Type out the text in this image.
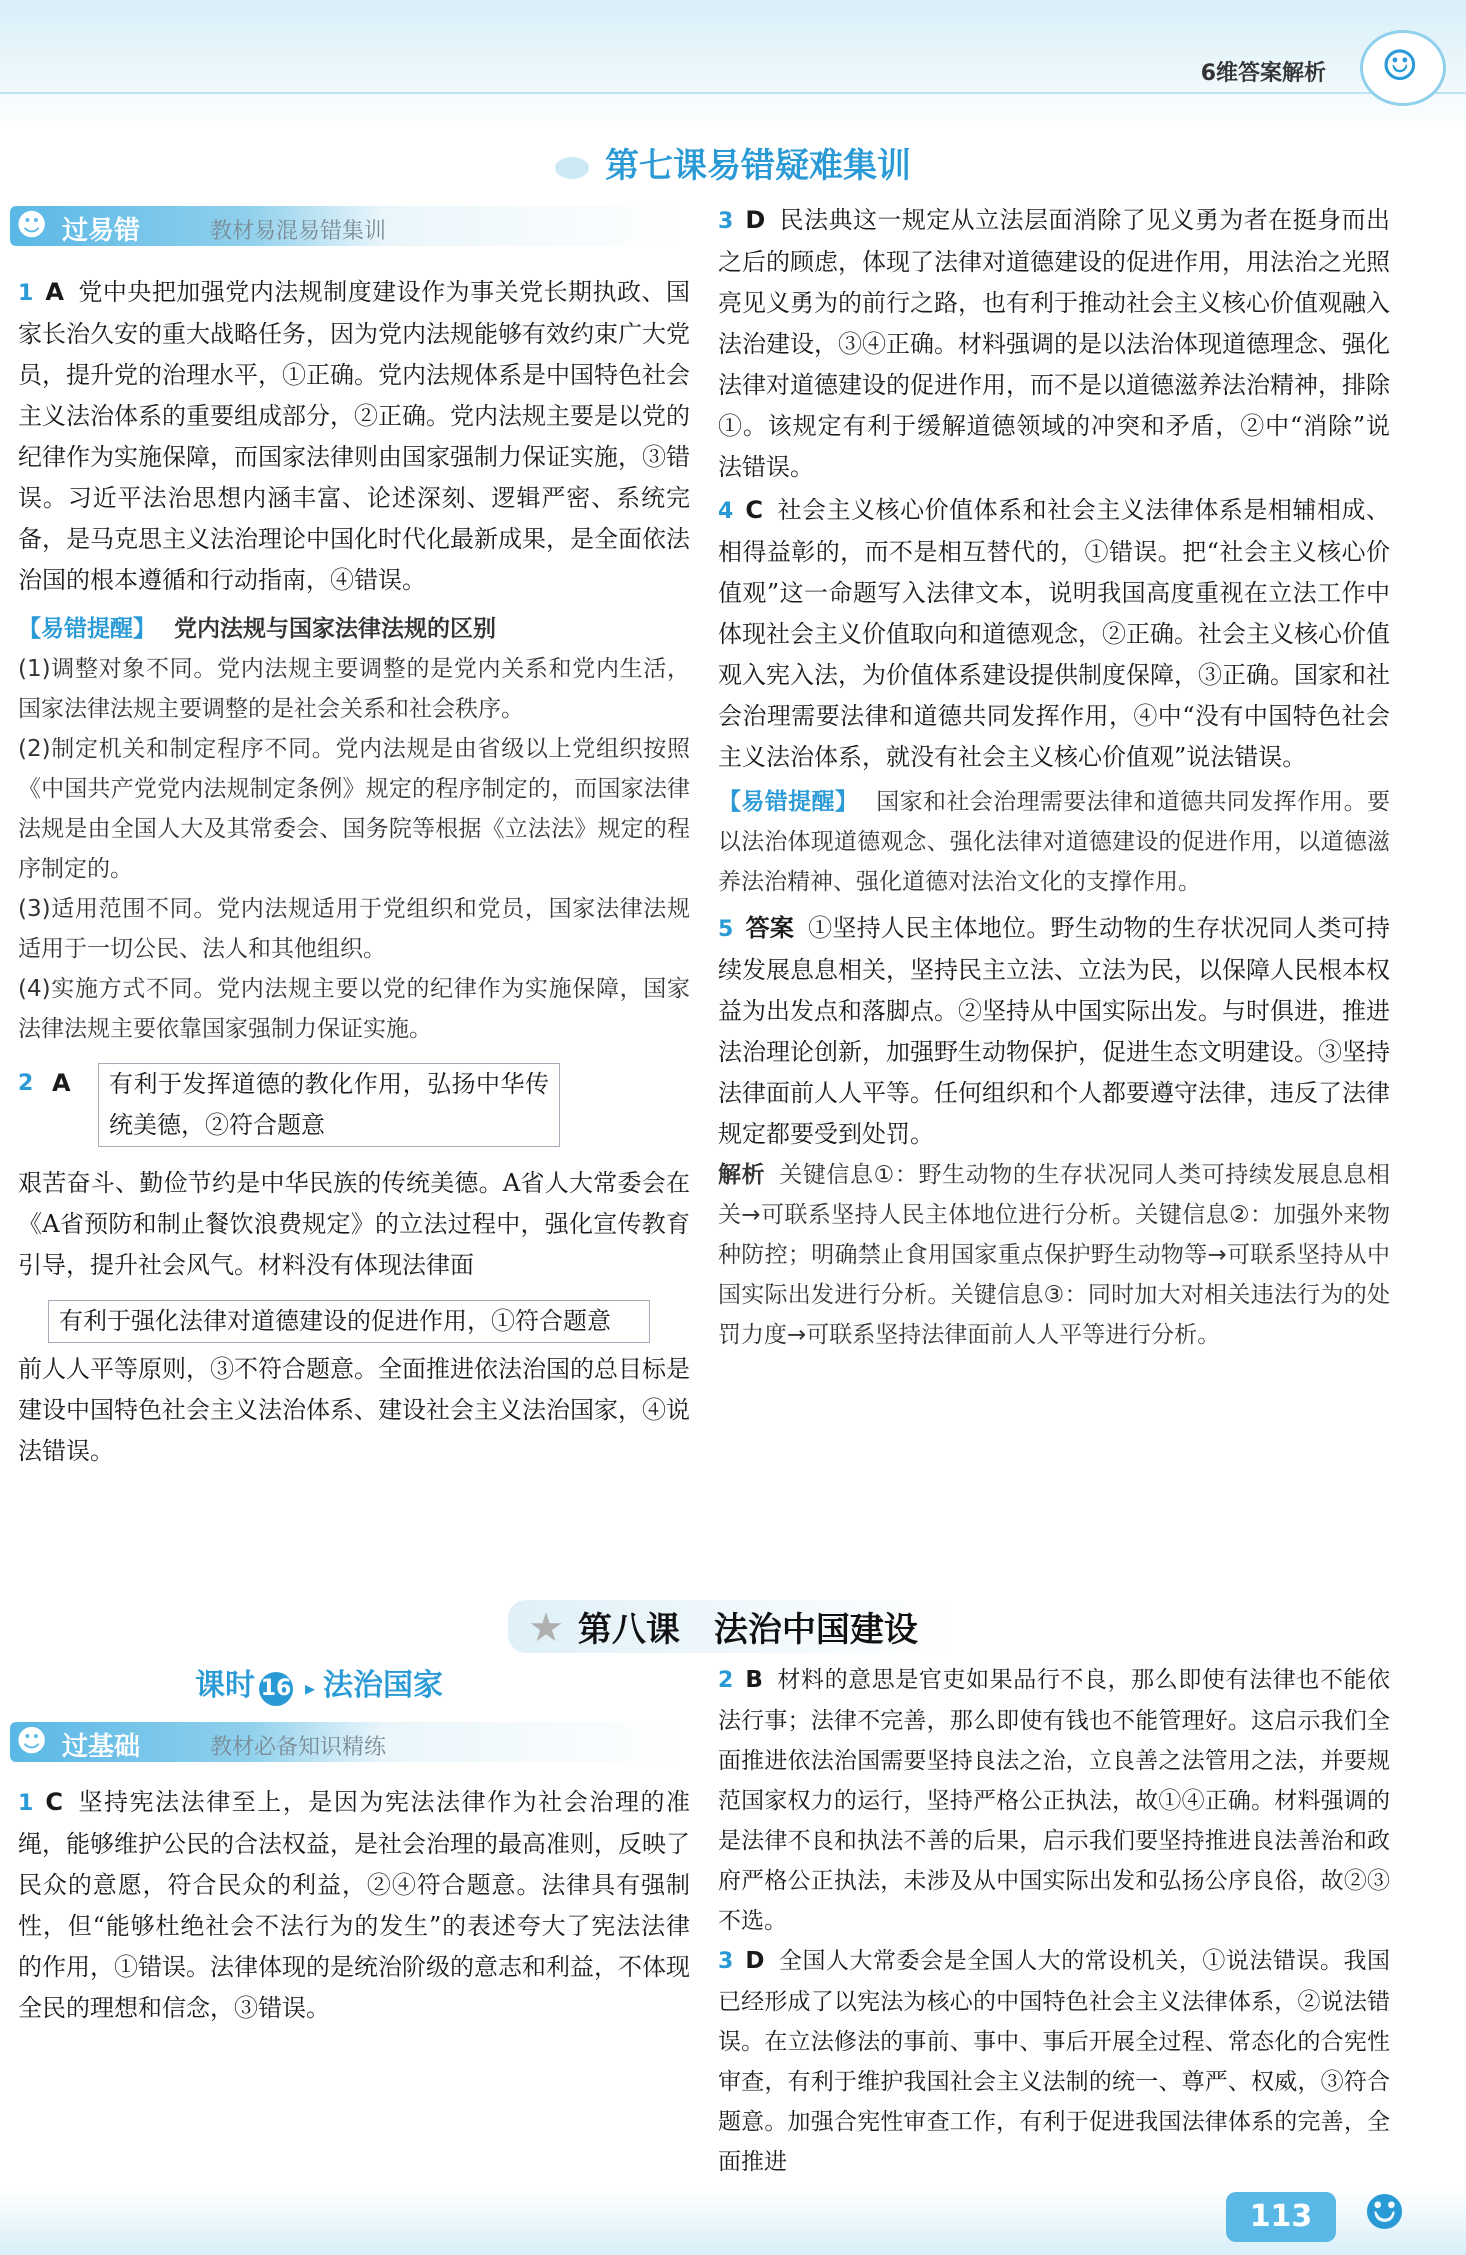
6维答案解析
☺
第七课易错疑难集训
☻ 过易错	教材易混易错集训

1 A 党中央把加强党内法规制度建设作为事关党长期执政、国家长治久安的重大战略任务，因为党内法规能够有效约束广大党员，提升党的治理水平，①正确。党内法规体系是中国特色社会主义法治体系的重要组成部分，②正确。党内法规主要是以党的纪律作为实施保障，而国家法律则由国家强制力保证实施，③错误。习近平法治思想内涵丰富、论述深刻、逻辑严密、系统完备，是马克思主义法治理论中国化时代化最新成果，是全面依法治国的根本遵循和行动指南，④错误。

【易错提醒】 党内法规与国家法律法规的区别

(1)调整对象不同。党内法规主要调整的是党内关系和党内生活，国家法律法规主要调整的是社会关系和社会秩序。

(2)制定机关和制定程序不同。党内法规是由省级以上党组织按照《中国共产党党内法规制定条例》规定的程序制定的，而国家法律法规是由全国人大及其常委会、国务院等根据《立法法》规定的程序制定的。

(3)适用范围不同。党内法规适用于党组织和党员，国家法律法规适用于一切公民、法人和其他组织。

(4)实施方式不同。党内法规主要以党的纪律作为实施保障，国家法律法规主要依靠国家强制力保证实施。

2 A	有利于发挥道德的教化作用，弘扬中华传统美德，②符合题意

艰苦奋斗、勤俭节约是中华民族的传统美德。A省人大常委会在《A省预防和制止餐饮浪费规定》的立法过程中，强化宣传教育引导，提升社会风气。材料没有体现法律面

有利于强化法律对道德建设的促进作用，①符合题意

前人人平等原则，③不符合题意。全面推进依法治国的总目标是建设中国特色社会主义法治体系、建设社会主义法治国家，④说法错误。

3 D 民法典这一规定从立法层面消除了见义勇为者在挺身而出之后的顾虑，体现了法律对道德建设的促进作用，用法治之光照亮见义勇为的前行之路，也有利于推动社会主义核心价值观融入法治建设，③④正确。材料强调的是以法治体现道德理念、强化法律对道德建设的促进作用，而不是以道德滋养法治精神，排除①。该规定有利于缓解道德领域的冲突和矛盾，②中“消除”说法错误。

4 C 社会主义核心价值体系和社会主义法律体系是相辅相成、相得益彰的，而不是相互替代的，①错误。把“社会主义核心价值观”这一命题写入法律文本，说明我国高度重视在立法工作中体现社会主义价值取向和道德观念，②正确。社会主义核心价值观入宪入法，为价值体系建设提供制度保障，③正确。国家和社会治理需要法律和道德共同发挥作用，④中“没有中国特色社会主义法治体系，就没有社会主义核心价值观”说法错误。

【易错提醒】 国家和社会治理需要法律和道德共同发挥作用。要以法治体现道德观念、强化法律对道德建设的促进作用，以道德滋养法治精神、强化道德对法治文化的支撑作用。

5 答案 ①坚持人民主体地位。野生动物的生存状况同人类可持续发展息息相关，坚持民主立法、立法为民，以保障人民根本权益为出发点和落脚点。②坚持从中国实际出发。与时俱进，推进法治理论创新，加强野生动物保护，促进生态文明建设。③坚持法律面前人人平等。任何组织和个人都要遵守法律，违反了法律规定都要受到处罚。

解析 关键信息①：野生动物的生存状况同人类可持续发展息息相关→可联系坚持人民主体地位进行分析。关键信息②：加强外来物种防控；明确禁止食用国家重点保护野生动物等→可联系坚持从中国实际出发进行分析。关键信息③：同时加大对相关违法行为的处罚力度→可联系坚持法律面前人人平等进行分析。

★ 第八课　法治中国建设
课时 16 ▸ 法治国家
☻ 过基础	教材必备知识精练

1 C 坚持宪法法律至上，是因为宪法法律作为社会治理的准绳，能够维护公民的合法权益，是社会治理的最高准则，反映了民众的意愿，符合民众的利益，②④符合题意。法律具有强制性，但“能够杜绝社会不法行为的发生”的表述夸大了宪法法律的作用，①错误。法律体现的是统治阶级的意志和利益，不体现全民的理想和信念，③错误。

2 B 材料的意思是官吏如果品行不良，那么即使有法律也不能依法行事；法律不完善，那么即使有钱也不能管理好。这启示我们全面推进依法治国需要坚持良法之治，立良善之法管用之法，并要规范国家权力的运行，坚持严格公正执法，故①④正确。材料强调的是法律不良和执法不善的后果，启示我们要坚持推进良法善治和政府严格公正执法，未涉及从中国实际出发和弘扬公序良俗，故②③不选。

3 D 全国人大常委会是全国人大的常设机关，①说法错误。我国已经形成了以宪法为核心的中国特色社会主义法律体系，②说法错误。在立法修法的事前、事中、事后开展全过程、常态化的合宪性审查，有利于维护我国社会主义法制的统一、尊严、权威，③符合题意。加强合宪性审查工作，有利于促进我国法律体系的完善，全面推进

113	☻
